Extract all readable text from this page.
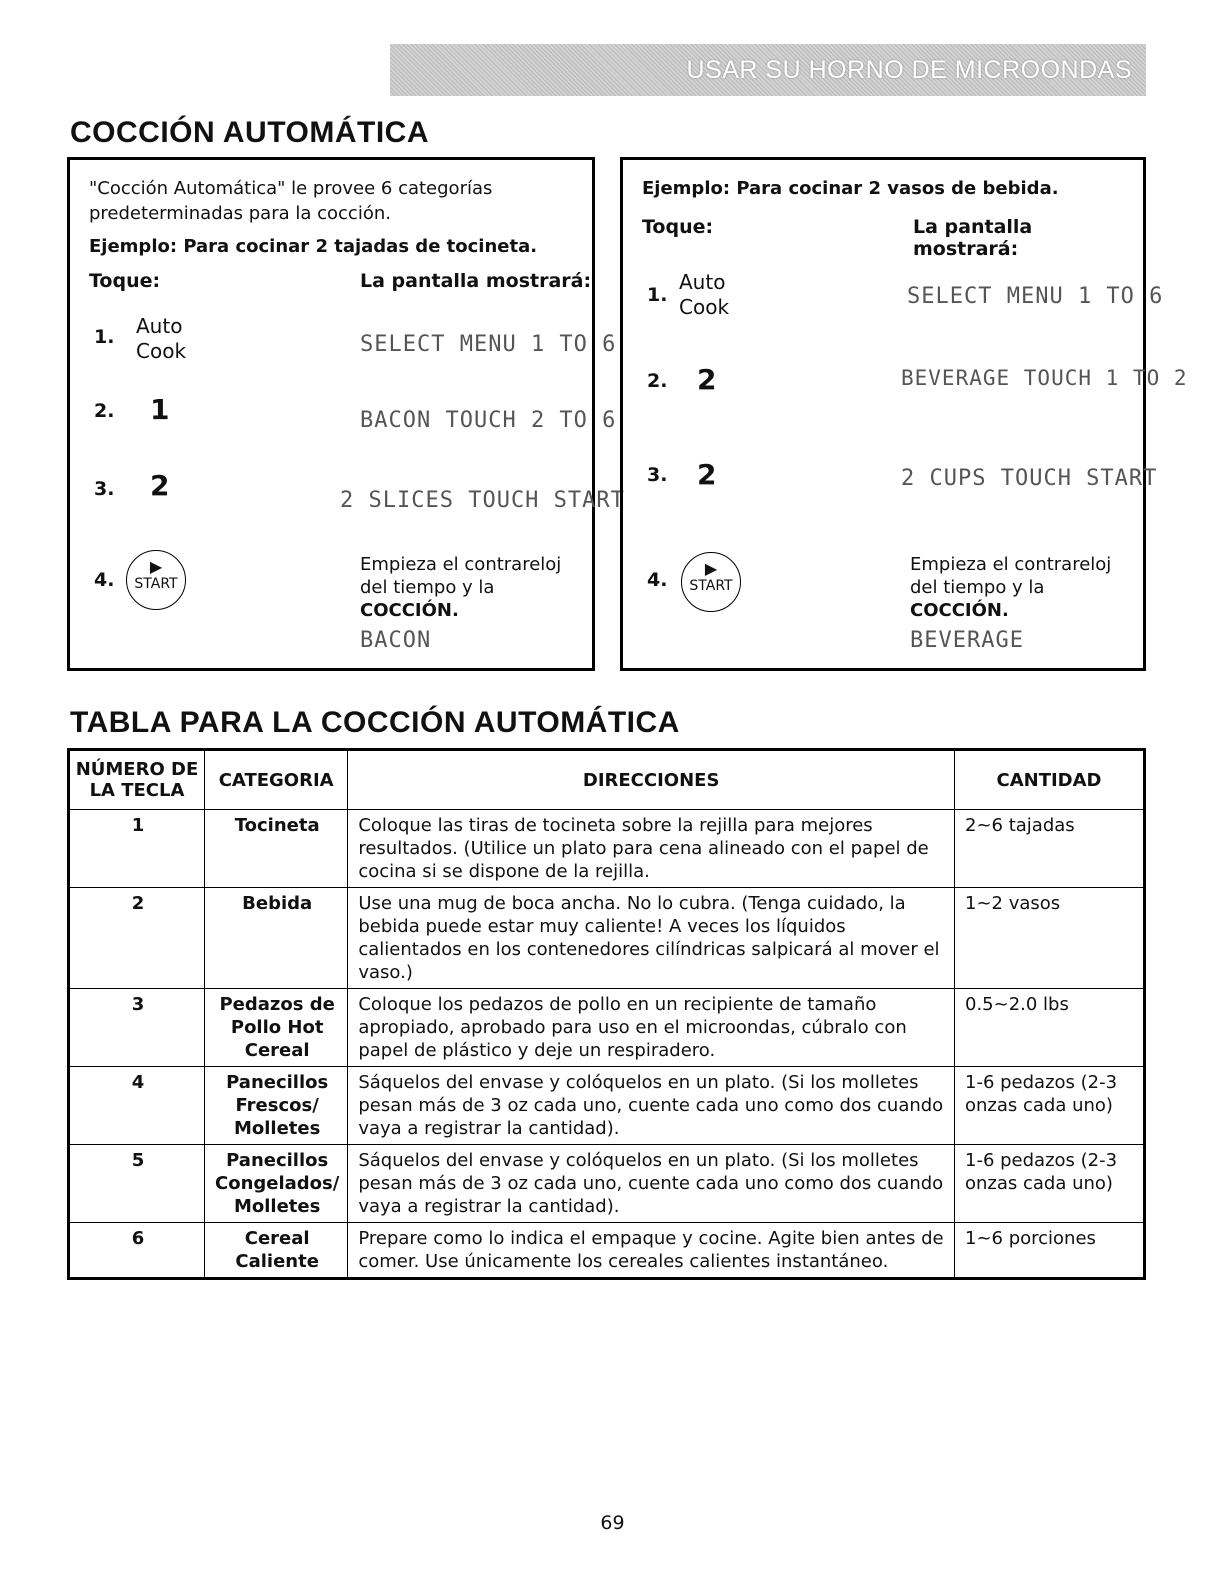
USAR SU HORNO DE MICROONDAS
COCCIÓN AUTOMÁTICA
"Cocción Automática" le provee 6 categorías predeterminadas para la cocción.
Ejemplo: Para cocinar 2 tajadas de tocineta.
Toque:	La pantalla mostrará:
1. Auto Cook	SELECT MENU 1 TO 6
2. 1	BACON TOUCH 2 TO 6
3. 2	2 SLICES TOUCH START
4.
▶
START
Empieza el contrareloj del tiempo y la COCCIÓN.
BACON
Ejemplo: Para cocinar 2 vasos de bebida.
Toque:	La pantalla mostrará:
1.
Auto Cook	SELECT MENU 1 TO 6
2. 2	BEVERAGE TOUCH 1 TO 2
3. 2	2 CUPS TOUCH START
4.
▶
START
Empieza el contrareloj del tiempo y la COCCIÓN.
BEVERAGE
TABLA PARA LA COCCIÓN AUTOMÁTICA
NÚMERO DE LA TECLA	CATEGORIA	DIRECCIONES	CANTIDAD
1	Tocineta	Coloque las tiras de tocineta sobre la rejilla para mejores resultados. (Utilice un plato para cena alineado con el papel de cocina si se dispone de la rejilla.	2~6 tajadas
2	Bebida	Use una mug de boca ancha. No lo cubra. (Tenga cuidado, la bebida puede estar muy caliente! A veces los líquidos calientados en los contenedores cilíndricas salpicará al mover el vaso.)	1~2 vasos
3	Pedazos de Pollo Hot Cereal	Coloque los pedazos de pollo en un recipiente de tamaño apropiado, aprobado para uso en el microondas, cúbralo con papel de plástico y deje un respiradero.	0.5~2.0 lbs
4	Panecillos Frescos/ Molletes	Sáquelos del envase y colóquelos en un plato. (Si los molletes pesan más de 3 oz cada uno, cuente cada uno como dos cuando vaya a registrar la cantidad).	1-6 pedazos (2-3 onzas cada uno)
5	Panecillos Congelados/ Molletes	Sáquelos del envase y colóquelos en un plato. (Si los molletes pesan más de 3 oz cada uno, cuente cada uno como dos cuando vaya a registrar la cantidad).	1-6 pedazos (2-3 onzas cada uno)
6	Cereal Caliente	Prepare como lo indica el empaque y cocine. Agite bien antes de comer. Use únicamente los cereales calientes instantáneo.	1~6 porciones
69
